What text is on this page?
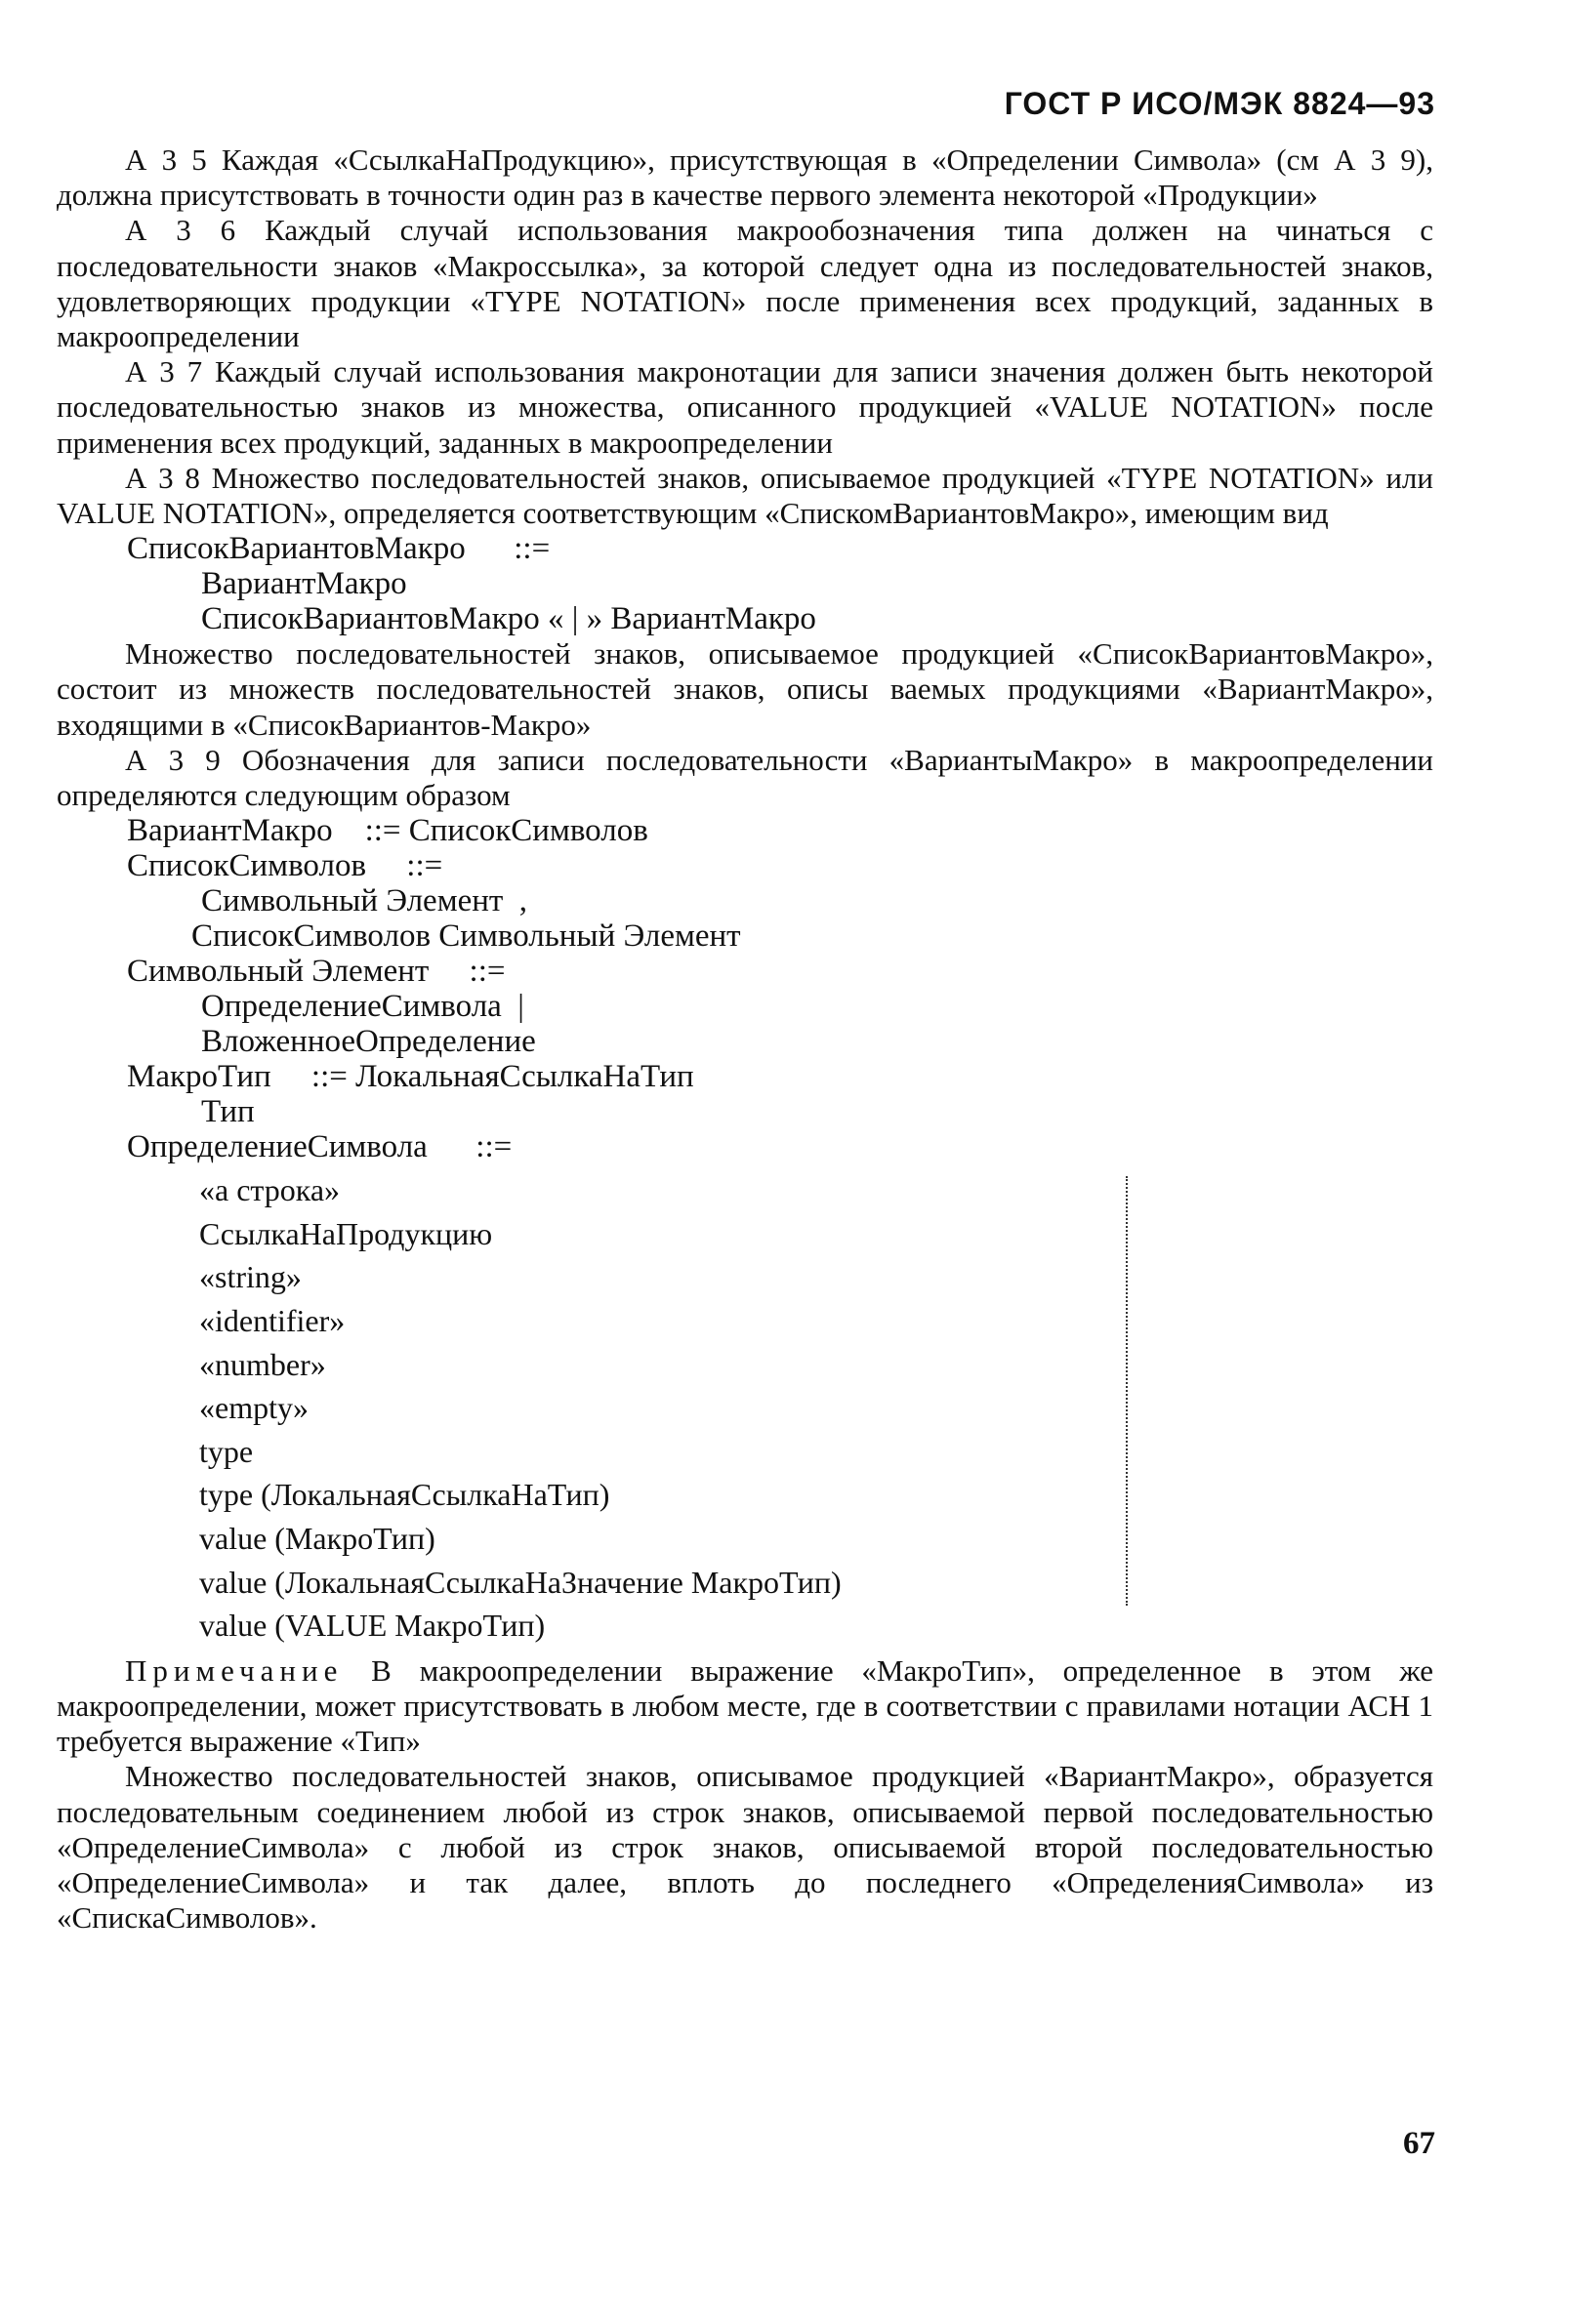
ГОСТ Р ИСО/МЭК 8824—93

А 3 5 Каждая «СсылкаНаПродукцию», присутствующая в «Определении Символа» (см А 3 9), должна присутствовать в точности один раз в качестве первого элемента некоторой «Продукции»

А 3 6 Каждый случай использования макрообозначения типа должен на чинаться с последовательности знаков «Макроссылка», за которой следует одна из последовательностей знаков, удовлетворяющих продукции «TYPE NOTATION» после применения всех продукций, заданных в макроопределении

А 3 7 Каждый случай использования макронотации для записи значения должен быть некоторой последовательностью знаков из множества, описанного продукцией «VALUE NOTATION» после применения всех продукций, заданных в макроопределении

А 3 8 Множество последовательностей знаков, описываемое продукцией «TYPE NOTATION» или VALUE NOTATION», определяется соответствующим «СпискомВариантовМакро», имеющим вид

СписокВариантовМакро      ::=
ВариантМакро
СписокВариантовМакро « | » ВариантМакро

Множество последовательностей знаков, описываемое продукцией «СписокВариантовМакро», состоит из множеств последовательностей знаков, описы ваемых продукциями «ВариантМакро», входящими в «СписокВариантов-Макро»

А 3 9 Обозначения для записи последовательности «ВариантыМакро» в макроопределении определяются следующим образом

ВариантМакро    ::= СписокСимволов
СписокСимволов     ::=
Символьный Элемент  ,
СписокСимволов Символьный Элемент
Символьный Элемент     ::=
ОпределениеСимвола  |
ВложенноеОпределение
МакроТип     ::= ЛокальнаяСсылкаНаТип
Тип
ОпределениеСимвола      ::=
«a строка»
СсылкаНаПродукцию
«string»
«identifier»
«number»
«empty»
type
type (ЛокальнаяСсылкаНаТип)
value (МакроТип)
value (ЛокальнаяСсылкаНаЗначение МакроТип)
value (VALUE МакроТип)

Примечание В макроопределении выражение «МакроТип», определенное в этом же макроопределении, может присутствовать в любом месте, где в соответствии с правилами нотации АСН 1 требуется выражение «Тип»

Множество последовательностей знаков, описывамое продукцией «ВариантМакро», образуется последовательным соединением любой из строк знаков, описываемой первой последовательностью «ОпределениеСимвола» с любой из строк знаков, описываемой второй последовательностью «ОпределениеСимвола» и так далее, вплоть до последнего «ОпределенияСимвола» из «СпискаСимволов».

67
